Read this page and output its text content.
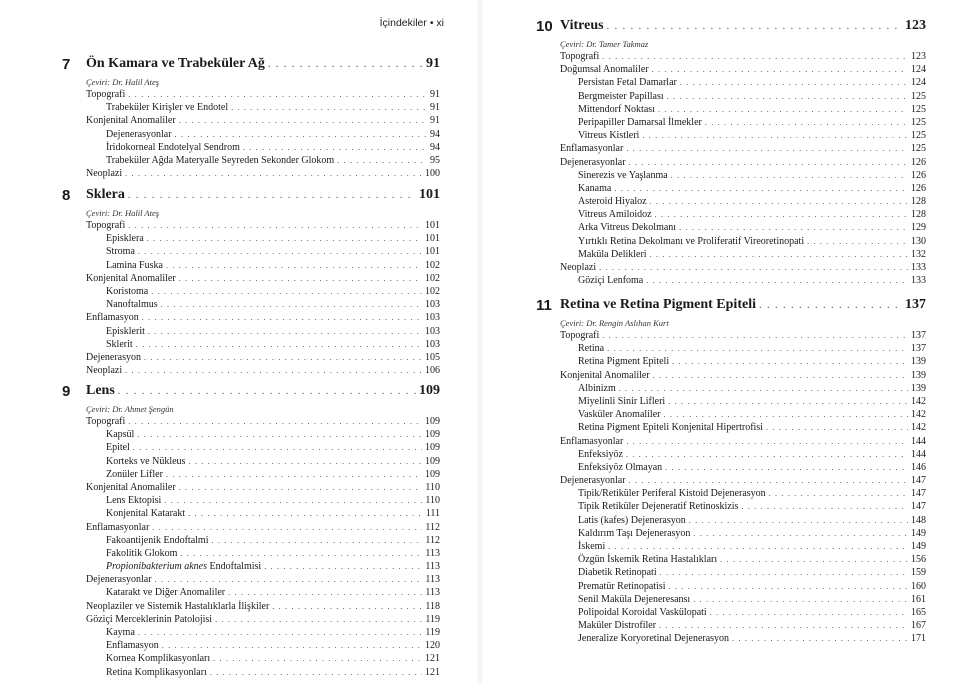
İçindekiler • xi
7 Ön Kamara ve Trabeküler Ağ . . .	91
Çeviri: Dr. Halil Ateş
Topografi . . .	91
Trabeküler Kirişler ve Endotel . . .	91
Konjenital Anomaliler . . .	91
Dejenerasyonlar . . .	94
İridokorneal Endotelyal Sendrom . . .	94
Trabeküler Ağda Materyalle Seyreden Sekonder Glokom . . .	95
Neoplazi . . .	100
8 Sklera . . .	101
Çeviri: Dr. Halil Ateş
Topografi . . .	101
Episklera . . .	101
Stroma . . .	101
Lamina Fuska . . .	102
Konjenital Anomaliler . . .	102
Koristoma . . .	102
Nanoftalmus . . .	103
Enflamasyon . . .	103
Episklerit . . .	103
Sklerit . . .	103
Dejenerasyon . . .	105
Neoplazi . . .	106
9 Lens . . .	109
Çeviri: Dr. Ahmet Şengün
Topografi . . .	109
Kapsül . . .	109
Epitel . . .	109
Korteks ve Nükleus . . .	109
Zonüler Lifler . . .	109
Konjenital Anomaliler . . .	110
Lens Ektopisi . . .	110
Konjenital Katarakt . . .	111
Enflamasyonlar . . .	112
Fakoantijenik Endoftalmi . . .	112
Fakolitik Glokom . . .	113
Propionibakterium aknes Endoftalmisi . . .	113
Dejenerasyonlar . . .	113
Katarakt ve Diğer Anomaliler . . .	113
Neoplaziler ve Sistemik Hastalıklarla İlişkiler . . .	118
Göziçi Merceklerinin Patolojisi . . .	119
Kayma . . .	119
Enflamasyon . . .	120
Kornea Komplikasyonları . . .	121
Retina Komplikasyonları . . .	121
10 Vitreus . . .	123
Çeviri: Dr. Tamer Takmaz
Topografi . . .	123
Doğumsal Anomaliler . . .	124
Persistan Fetal Damarlar . . .	124
Bergmeister Papillası . . .	125
Mittendorf Noktası . . .	125
Peripapiller Damarsal İlmekler . . .	125
Vitreus Kistleri . . .	125
Enflamasyonlar . . .	125
Dejenerasyonlar . . .	126
Sinerezis ve Yaşlanma . . .	126
Kanama . . .	126
Asteroid Hiyaloz . . .	128
Vitreus Amiloidoz . . .	128
Arka Vitreus Dekolmanı . . .	129
Yırtıklı Retina Dekolmanı ve Proliferatif Vireoretinopati . . .	130
Maküla Delikleri . . .	132
Neoplazi . . .	133
Göziçi Lenfoma . . .	133
11 Retina ve Retina Pigment Epiteli . . .	137
Çeviri: Dr. Rengin Aslıhan Kurt
Topografi . . .	137
Retina . . .	137
Retina Pigment Epiteli . . .	139
Konjenital Anomaliler . . .	139
Albinizm . . .	139
Miyelinli Sinir Lifleri . . .	142
Vasküler Anomaliler . . .	142
Retina Pigment Epiteli Konjenital Hipertrofisi . . .	142
Enflamasyonlar . . .	144
Enfeksiyöz . . .	144
Enfeksiyöz Olmayan . . .	146
Dejenerasyonlar . . .	147
Tipik/Retiküler Periferal Kistoid Dejenerasyon . . .	147
Tipik Retiküler Dejeneratif Retinoskizis . . .	147
Latis (kafes) Dejenerasyon . . .	148
Kaldırım Taşı Dejenerasyon . . .	149
İskemi . . .	149
Özgün İskemik Retina Hastalıkları . . .	156
Diabetik Retinopati . . .	159
Prematür Retinopatisi . . .	160
Senil Maküla Dejeneresansı . . .	161
Polipoidal Koroidal Vaskülopati . . .	165
Maküler Distrofiler . . .	167
Jeneralize Koryoretinal Dejenerasyon . . .	171
